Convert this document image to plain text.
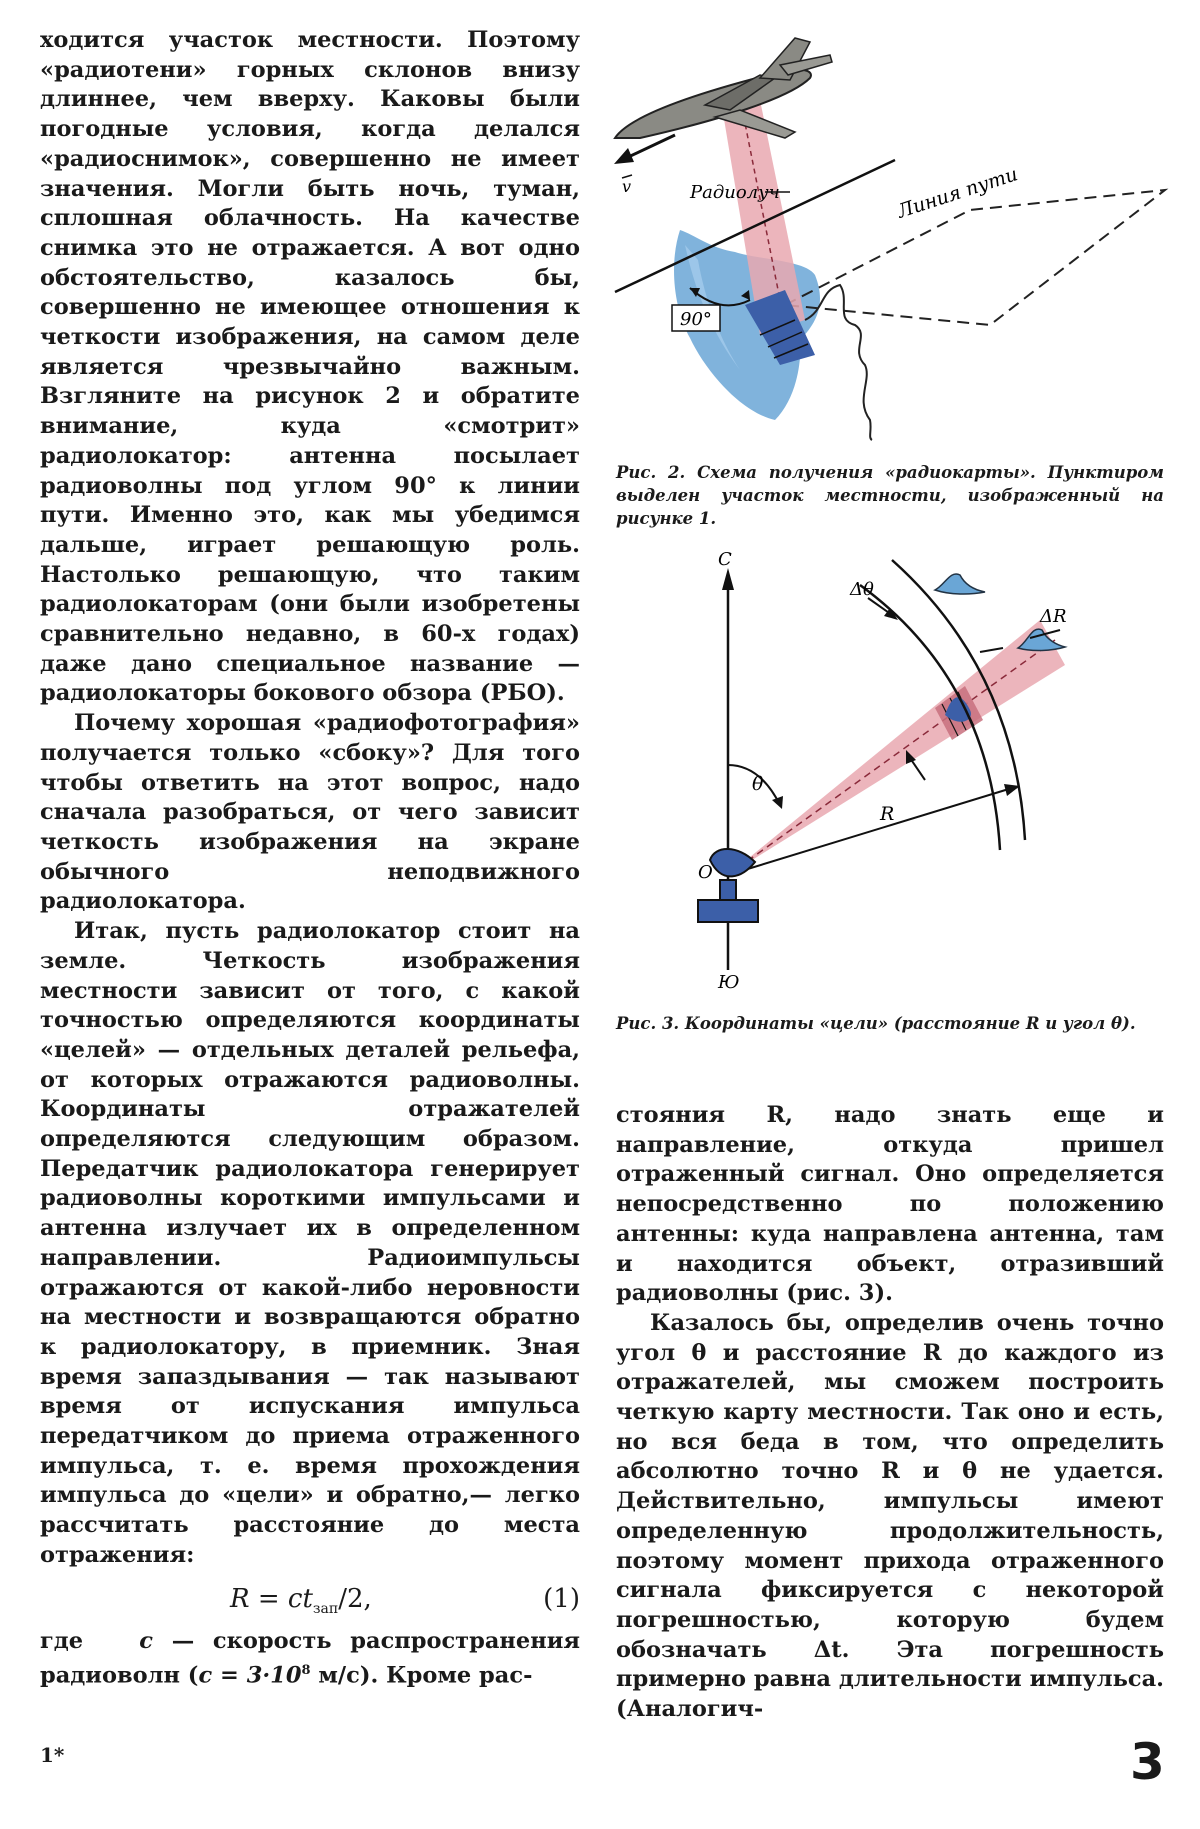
ходится участок местности. Поэтому «радиотени» горных склонов внизу длиннее, чем вверху. Каковы были погодные условия, когда делался «радиоснимок», совершенно не имеет значения. Могли быть ночь, туман, сплошная облачность. На качестве снимка это не отражается. А вот одно обстоятельство, казалось бы, совершенно не имеющее отношения к четкости изображения, на самом деле является чрезвычайно важным. Взгляните на рисунок 2 и обратите внимание, куда «смотрит» радиолокатор: антенна посылает радиоволны под углом 90° к линии пути. Именно это, как мы убедимся дальше, играет решающую роль. Настолько решающую, что таким радиолокаторам (они были изобретены сравнительно недавно, в 60-х годах) даже дано специальное название — радиолокаторы бокового обзора (РБО).

Почему хорошая «радиофотография» получается только «сбоку»? Для того чтобы ответить на этот вопрос, надо сначала разобраться, от чего зависит четкость изображения на экране обычного неподвижного радиолокатора.

Итак, пусть радиолокатор стоит на земле. Четкость изображения местности зависит от того, с какой точностью определяются координаты «целей» — отдельных деталей рельефа, от которых отражаются радиоволны. Координаты отражателей определяются следующим образом. Передатчик радиолокатора генерирует радиоволны короткими импульсами и антенна излучает их в определенном направлении. Радиоимпульсы отражаются от какой-либо неровности на местности и возвращаются обратно к радиолокатору, в приемник. Зная время запаздывания — так называют время от испускания импульса передатчиком до приема отраженного импульса, т. е. время прохождения импульса до «цели» и обратно,— легко рассчитать расстояние до места отражения:

$R = ct_{зап}/2$,	(1)

где c — скорость распространения радиоволн ($c = 3\cdot 10^8$ м/с). Кроме рас-

90°
v	Радиолуч	Линия пути
Рис. 2. Схема получения «радиокарты». Пунктиром выделен участок местности, изображенный на рисунке 1.
С
Ю
θ
R
Δθ
ΔR
O
Рис. 3. Координаты «цели» (расстояние R и угол θ).

стояния R, надо знать еще и направление, откуда пришел отраженный сигнал. Оно определяется непосредственно по положению антенны: куда направлена антенна, там и находится объект, отразивший радиоволны (рис. 3).

Казалось бы, определив очень точно угол θ и расстояние R до каждого из отражателей, мы сможем построить четкую карту местности. Так оно и есть, но вся беда в том, что определить абсолютно точно R и θ не удается. Действительно, импульсы имеют определенную продолжительность, поэтому момент прихода отраженного сигнала фиксируется с некоторой погрешностью, которую будем обозначать Δt. Эта погрешность примерно равна длительности импульса. (Аналогич-

1*	3
